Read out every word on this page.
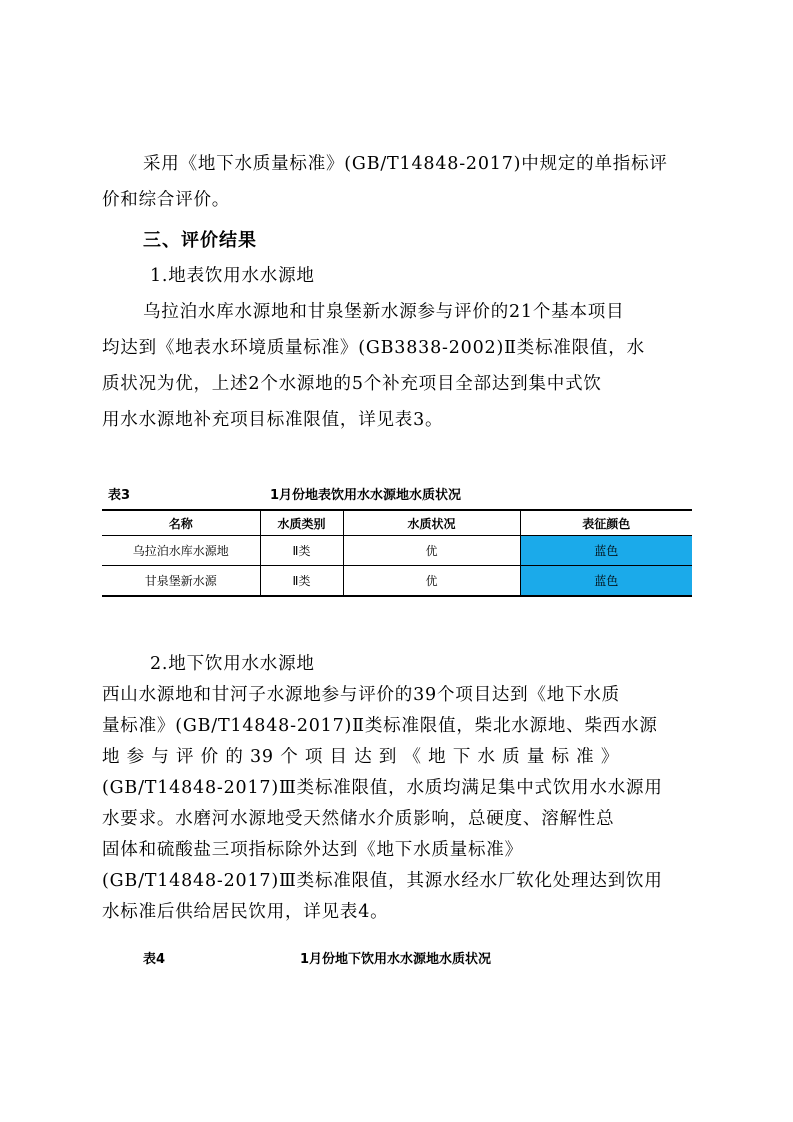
采用《地下水质量标准》(GB/T14848-2017)中规定的单指标评
价和综合评价。
三、评价结果
1.地表饮用水水源地
乌拉泊水库水源地和甘泉堡新水源参与评价的21个基本项目
均达到《地表水环境质量标准》(GB3838-2002)Ⅱ类标准限值，水
质状况为优，上述2个水源地的5个补充项目全部达到集中式饮
用水水源地补充项目标准限值，详见表3。
表3	1月份地表饮用水水源地水质状况
名称	水质类别	水质状况	表征颜色
乌拉泊水库水源地	Ⅱ类	优	蓝色
甘泉堡新水源	Ⅱ类	优	蓝色
2.地下饮用水水源地
西山水源地和甘河子水源地参与评价的39个项目达到《地下水质
量标准》(GB/T14848-2017)Ⅱ类标准限值，柴北水源地、柴西水源
地 参 与 评 价 的 39 个 项 目 达 到 《 地 下 水 质 量 标 准 》
(GB/T14848-2017)Ⅲ类标准限值，水质均满足集中式饮用水水源用
水要求。水磨河水源地受天然储水介质影响，总硬度、溶解性总
固体和硫酸盐三项指标除外达到《地下水质量标准》
(GB/T14848-2017)Ⅲ类标准限值，其源水经水厂软化处理达到饮用
水标准后供给居民饮用，详见表4。
表4	1月份地下饮用水水源地水质状况
